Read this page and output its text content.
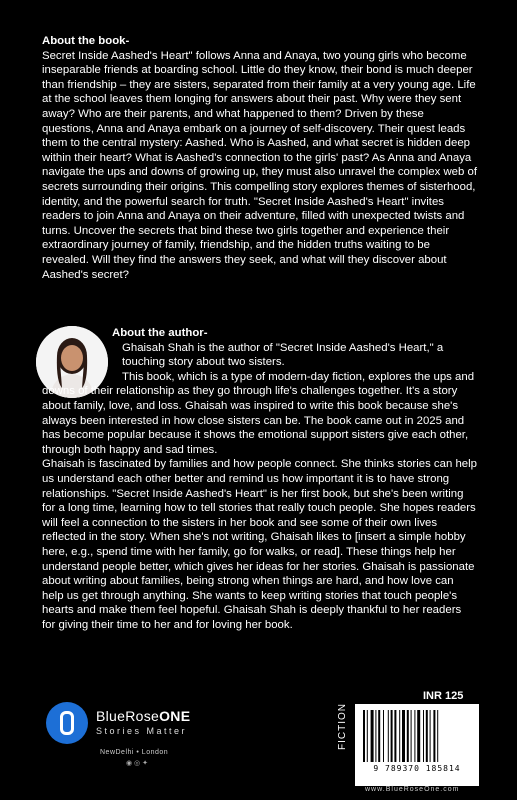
About the book-

Secret Inside Aashed's Heart" follows Anna and Anaya, two young girls who become inseparable friends at boarding school. Little do they know, their bond is much deeper than friendship – they are sisters, separated from their family at a very young age. Life at the school leaves them longing for answers about their past. Why were they sent away? Who are their parents, and what happened to them? Driven by these questions, Anna and Anaya embark on a journey of self-discovery. Their quest leads them to the central mystery: Aashed. Who is Aashed, and what secret is hidden deep within their heart? What is Aashed's connection to the girls' past? As Anna and Anaya navigate the ups and downs of growing up, they must also unravel the complex web of secrets surrounding their origins. This compelling story explores themes of sisterhood, identity, and the powerful search for truth. "Secret Inside Aashed's Heart" invites readers to join Anna and Anaya on their adventure, filled with unexpected twists and turns. Uncover the secrets that bind these two girls together and experience their extraordinary journey of family, friendship, and the hidden truths waiting to be revealed. Will they find the answers they seek, and what will they discover about Aashed's secret?

About the author-

Ghaisah Shah is the author of "Secret Inside Aashed's Heart," a touching story about two sisters.

This book, which is a type of modern-day fiction, explores the ups and downs of their relationship as they go through life's challenges together. It's a story about family, love, and loss. Ghaisah was inspired to write this book because she's always been interested in how close sisters can be. The book came out in 2025 and has become popular because it shows the emotional support sisters give each other, through both happy and sad times.

Ghaisah is fascinated by families and how people connect. She thinks stories can help us understand each other better and remind us how important it is to have strong relationships. "Secret Inside Aashed's Heart" is her first book, but she's been writing for a long time, learning how to tell stories that really touch people. She hopes readers will feel a connection to the sisters in her book and see some of their own lives reflected in the story. When she's not writing, Ghaisah likes to [insert a simple hobby here, e.g., spend time with her family, go for walks, or read]. These things help her understand people better, which gives her ideas for her stories. Ghaisah is passionate about writing about families, being strong when things are hard, and how love can help us get through anything. She wants to keep writing stories that touch people's hearts and make them feel hopeful. Ghaisah Shah is deeply thankful to her readers for giving their time to her and for loving her book.

BlueRoseONE
Stories Matter
NewDelhi • London
◉ ◎ ✦
INR 125
FICTION
9 789370 185814
www.BlueRoseOne.com
